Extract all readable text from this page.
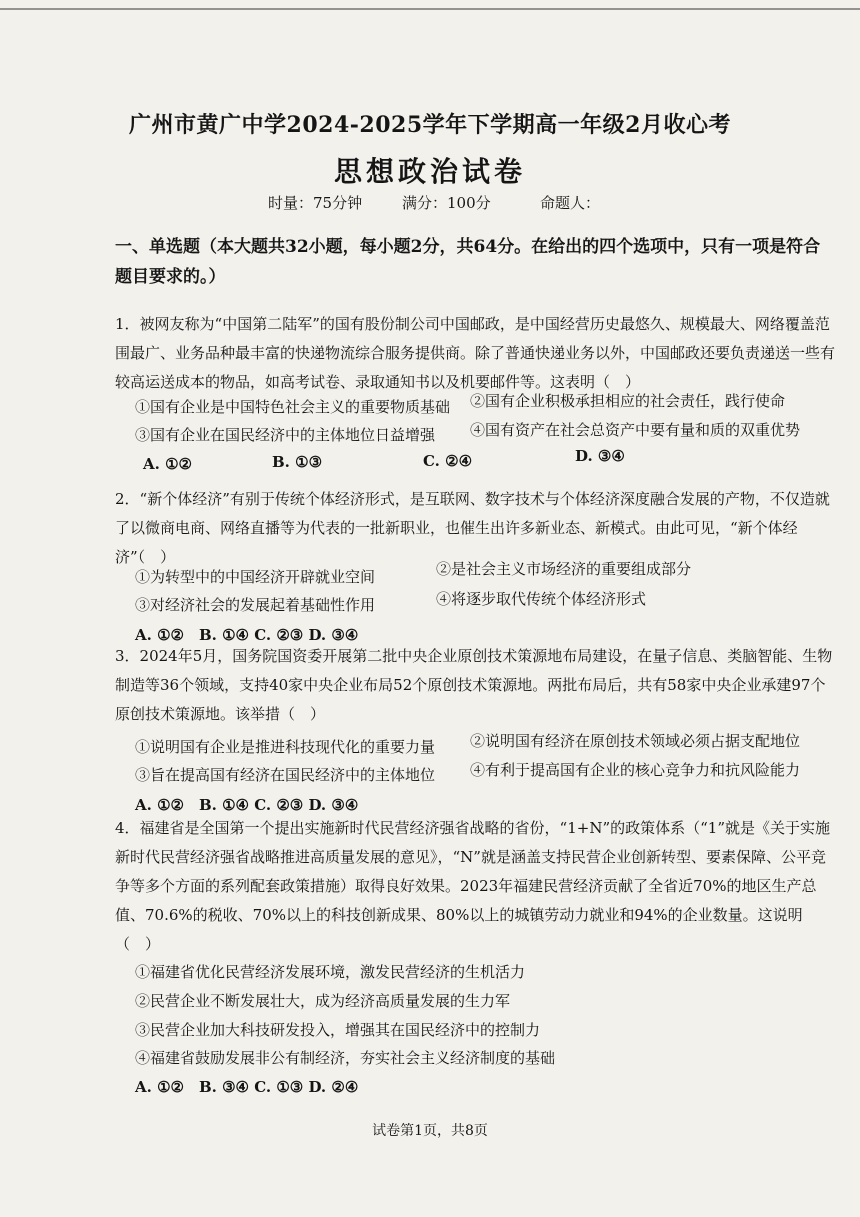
广州市黄广中学2024-2025学年下学期高一年级2月收心考
思想政治试卷
时量：75分钟	满分：100分	命题人：
一、单选题（本大题共32小题，每小题2分，共64分。在给出的四个选项中，只有一项是符合题目要求的。）
1．被网友称为“中国第二陆军”的国有股份制公司中国邮政，是中国经营历史最悠久、规模最大、网络覆盖范围最广、业务品种最丰富的快递物流综合服务提供商。除了普通快递业务以外，中国邮政还要负责递送一些有较高运送成本的物品，如高考试卷、录取通知书以及机要邮件等。这表明（　）
①国有企业是中国特色社会主义的重要物质基础 ②国有企业积极承担相应的社会责任，践行使命
③国有企业在国民经济中的主体地位日益增强 ④国有资产在社会总资产中要有量和质的双重优势
A. ①②	B. ①③	C. ②④	D. ③④
2．“新个体经济”有别于传统个体经济形式，是互联网、数字技术与个体经济深度融合发展的产物，不仅造就了以微商电商、网络直播等为代表的一批新职业，也催生出许多新业态、新模式。由此可见，“新个体经济”（　）
①为转型中的中国经济开辟就业空间	②是社会主义市场经济的重要组成部分
③对经济社会的发展起着基础性作用	④将逐步取代传统个体经济形式
A. ①②　B. ①④ C. ②③ D. ③④
3．2024年5月，国务院国资委开展第二批中央企业原创技术策源地布局建设，在量子信息、类脑智能、生物制造等36个领域，支持40家中央企业布局52个原创技术策源地。两批布局后，共有58家中央企业承建97个原创技术策源地。该举措（　）
①说明国有企业是推进科技现代化的重要力量 ②说明国有经济在原创技术领域必须占据支配地位
③旨在提高国有经济在国民经济中的主体地位 ④有利于提高国有企业的核心竞争力和抗风险能力
A. ①②　B. ①④ C. ②③ D. ③④
4．福建省是全国第一个提出实施新时代民营经济强省战略的省份，“1+N”的政策体系（“1”就是《关于实施新时代民营经济强省战略推进高质量发展的意见》，“N”就是涵盖支持民营企业创新转型、要素保障、公平竞争等多个方面的系列配套政策措施）取得良好效果。2023年福建民营经济贡献了全省近70%的地区生产总值、70.6%的税收、70%以上的科技创新成果、80%以上的城镇劳动力就业和94%的企业数量。这说明（　）
①福建省优化民营经济发展环境，激发民营经济的生机活力
②民营企业不断发展壮大，成为经济高质量发展的生力军
③民营企业加大科技研发投入，增强其在国民经济中的控制力
④福建省鼓励发展非公有制经济，夯实社会主义经济制度的基础
A. ①②　B. ③④ C. ①③ D. ②④
试卷第1页，共8页
